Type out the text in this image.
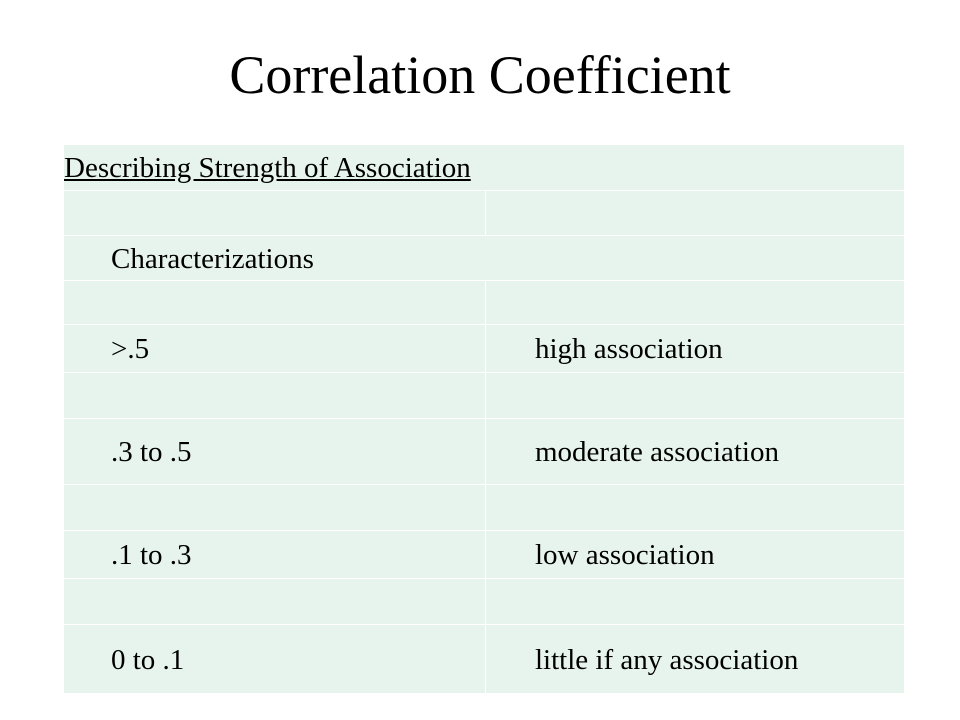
Correlation Coefficient
Describing Strength of Association
Characterizations
>.5	high association
.3 to .5	moderate association
.1 to .3	low association
0 to .1	little if any association
